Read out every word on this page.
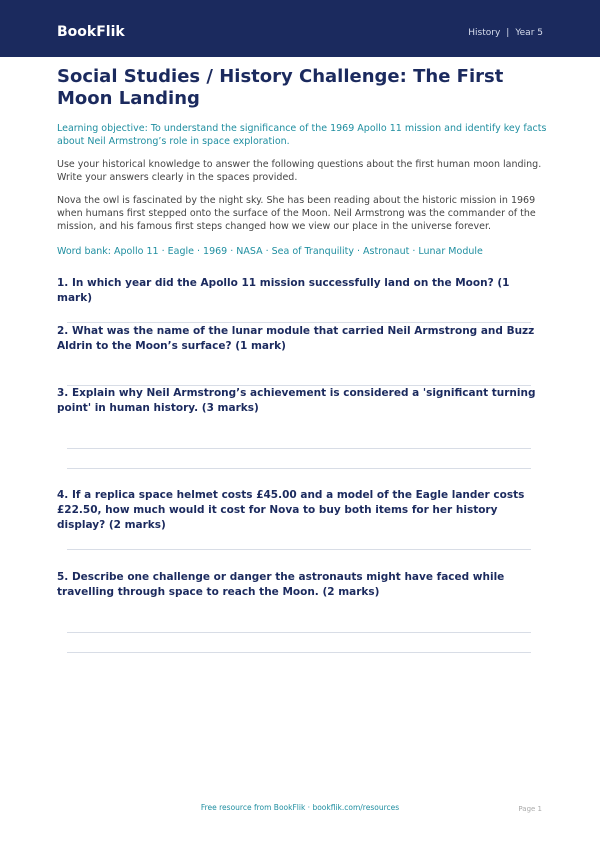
BookFlik	History | Year 5
Social Studies / History Challenge: The First Moon Landing

Learning objective: To understand the significance of the 1969 Apollo 11 mission and identify key facts about Neil Armstrong’s role in space exploration.

Use your historical knowledge to answer the following questions about the first human moon landing. Write your answers clearly in the spaces provided.

Nova the owl is fascinated by the night sky. She has been reading about the historic mission in 1969 when humans first stepped onto the surface of the Moon. Neil Armstrong was the commander of the mission, and his famous first steps changed how we view our place in the universe forever.

Word bank: Apollo 11 · Eagle · 1969 · NASA · Sea of Tranquility · Astronaut · Lunar Module

1. In which year did the Apollo 11 mission successfully land on the Moon? (1 mark)

2. What was the name of the lunar module that carried Neil Armstrong and Buzz Aldrin to the Moon’s surface? (1 mark)

3. Explain why Neil Armstrong’s achievement is considered a 'significant turning point' in human history. (3 marks)

4. If a replica space helmet costs £45.00 and a model of the Eagle lander costs £22.50, how much would it cost for Nova to buy both items for her history display? (2 marks)

5. Describe one challenge or danger the astronauts might have faced while travelling through space to reach the Moon. (2 marks)

Free resource from BookFlik · bookflik.com/resources	Page 1
